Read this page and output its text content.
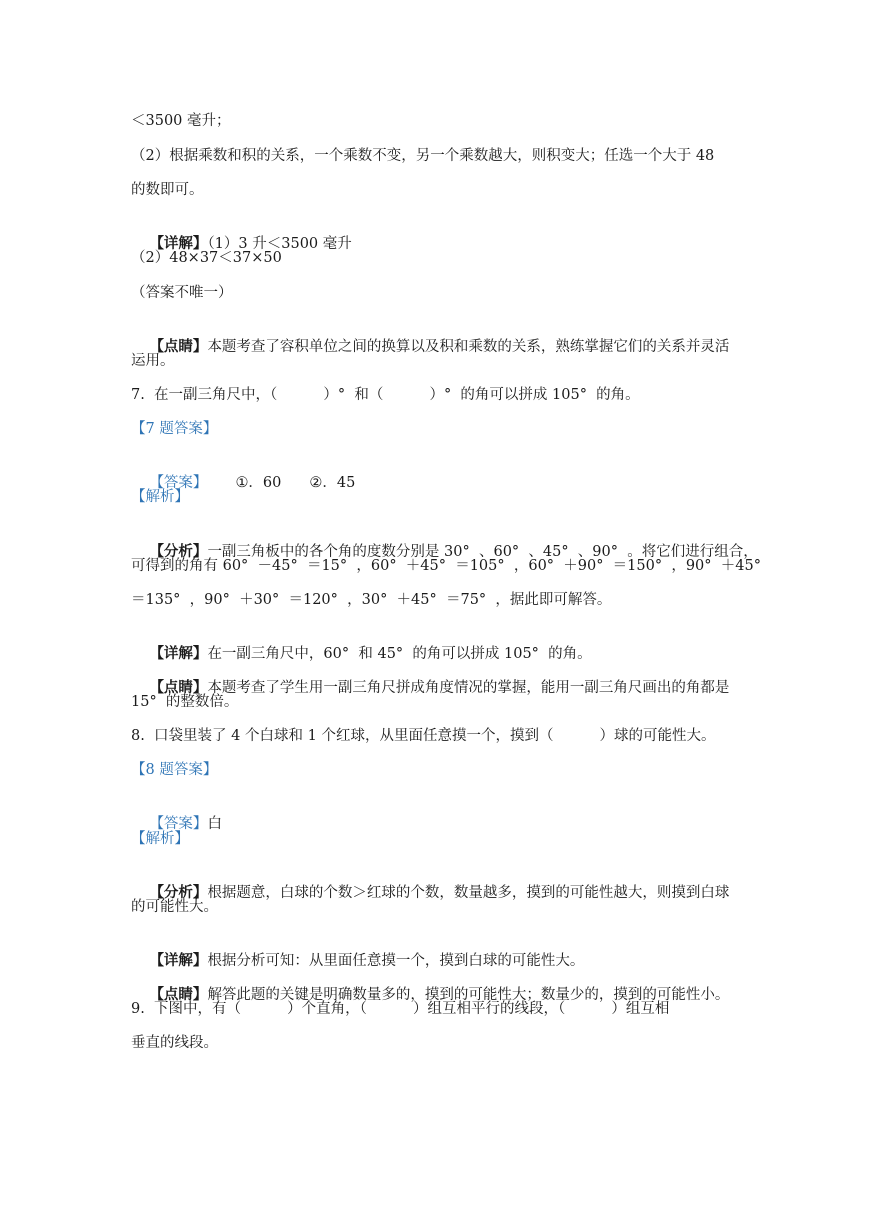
＜3500 毫升；
（2）根据乘数和积的关系，一个乘数不变，另一个乘数越大，则积变大；任选一个大于 48
的数即可。

【详解】（1）3 升＜3500 毫升

（2）48×37＜37×50
（答案不唯一）

【点睛】本题考查了容积单位之间的换算以及积和乘数的关系，熟练掌握它们的关系并灵活

运用。
7.  在一副三角尺中，（          ）°  和（          ）°  的角可以拼成 105°  的角。
【7 题答案】

【答案】 ①．60 ②．45

【解析】

【分析】一副三角板中的各个角的度数分别是 30°  、60°  、45°  、90°  。将它们进行组合，

可得到的角有 60°  －45°  ＝15°  ，60°  ＋45°  ＝105°  ，60°  ＋90°  ＝150°  ，90°  ＋45°
＝135°  ，90°  ＋30°  ＝120°  ，30°  ＋45°  ＝75°  ，据此即可解答。

【详解】在一副三角尺中，60°  和 45°  的角可以拼成 105°  的角。

【点睛】本题考查了学生用一副三角尺拼成角度情况的掌握，能用一副三角尺画出的角都是

15°  的整数倍。
8.  口袋里装了 4 个白球和 1 个红球，从里面任意摸一个，摸到（          ）球的可能性大。
【8 题答案】

【答案】白

【解析】

【分析】根据题意，白球的个数＞红球的个数，数量越多，摸到的可能性越大，则摸到白球

的可能性大。

【详解】根据分析可知：从里面任意摸一个，摸到白球的可能性大。

【点睛】解答此题的关键是明确数量多的，摸到的可能性大；数量少的，摸到的可能性小。

9.  下图中，有（          ）个直角，（          ）组互相平行的线段，（          ）组互相
垂直的线段。
